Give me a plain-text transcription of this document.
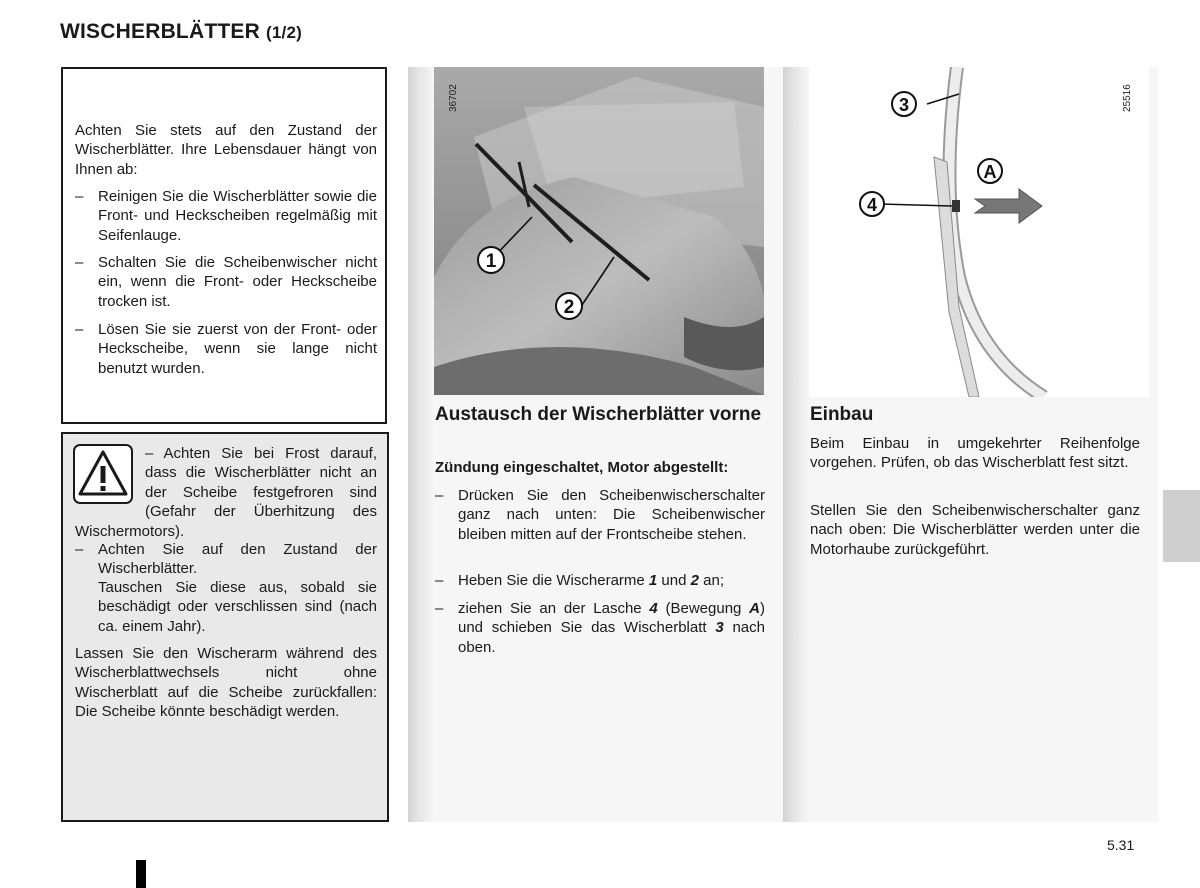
WISCHERBLÄTTER (1/2)
Achten Sie stets auf den Zustand der Wischerblätter. Ihre Lebensdauer hängt von Ihnen ab:
– Reinigen Sie die Wischerblätter sowie die Front- und Heckscheiben regelmäßig mit Seifenlauge.
– Schalten Sie die Scheibenwischer nicht ein, wenn die Front- oder Heckscheibe trocken ist.
– Lösen Sie sie zuerst von der Front- oder Heckscheibe, wenn sie lange nicht benutzt wurden.
– Achten Sie bei Frost darauf, dass die Wischerblätter nicht an der Scheibe festgefroren sind (Gefahr der Überhitzung des Wischermotors).
– Achten Sie auf den Zustand der Wischerblätter.
Tauschen Sie diese aus, sobald sie beschädigt oder verschlissen sind (nach ca. einem Jahr).
Lassen Sie den Wischerarm während des Wischerblattwechsels nicht ohne Wischerblatt auf die Scheibe zurückfallen: Die Scheibe könnte beschädigt werden.
1
2
36702
Austausch der Wischerblätter vorne
Zündung eingeschaltet, Motor abgestellt:
– Drücken Sie den Scheibenwischerschalter ganz nach unten: Die Scheibenwischer bleiben mitten auf der Frontscheibe stehen.
– Heben Sie die Wischerarme 1 und 2 an;
– ziehen Sie an der Lasche 4 (Bewegung A) und schieben Sie das Wischerblatt 3 nach oben.
3
A
4
25516
Einbau
Beim Einbau in umgekehrter Reihenfolge vorgehen. Prüfen, ob das Wischerblatt fest sitzt.
Stellen Sie den Scheibenwischerschalter ganz nach oben: Die Wischerblätter werden unter die Motorhaube zurückgeführt.
5.31
